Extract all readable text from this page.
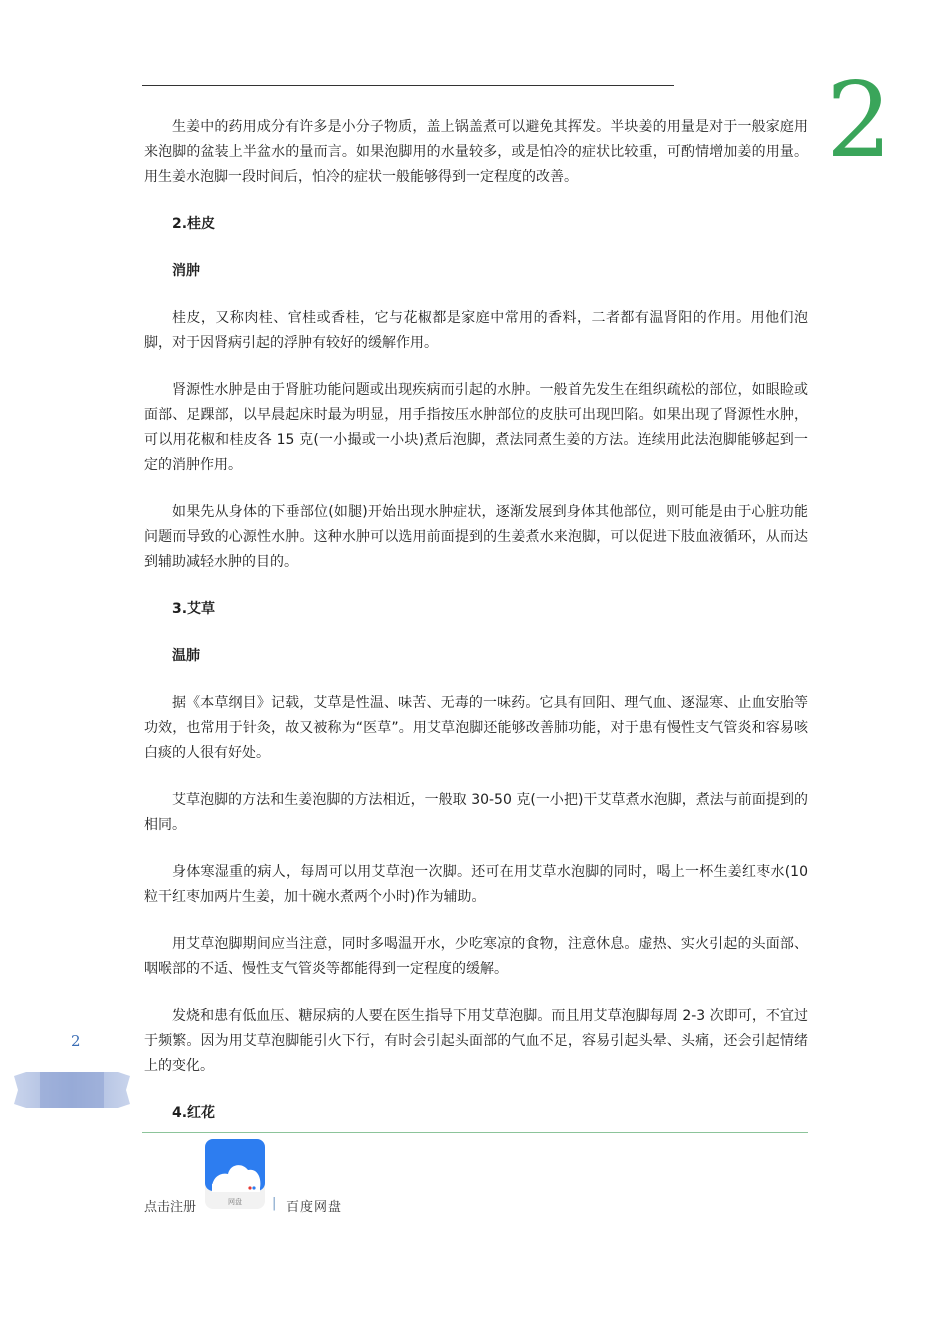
2

生姜中的药用成分有许多是小分子物质，盖上锅盖煮可以避免其挥发。半块姜的用量是对于一般家庭用来泡脚的盆装上半盆水的量而言。如果泡脚用的水量较多，或是怕冷的症状比较重，可酌情增加姜的用量。用生姜水泡脚一段时间后，怕冷的症状一般能够得到一定程度的改善。

2.桂皮
消肿

桂皮，又称肉桂、官桂或香桂，它与花椒都是家庭中常用的香料，二者都有温肾阳的作用。用他们泡脚，对于因肾病引起的浮肿有较好的缓解作用。

肾源性水肿是由于肾脏功能问题或出现疾病而引起的水肿。一般首先发生在组织疏松的部位，如眼睑或面部、足踝部，以早晨起床时最为明显，用手指按压水肿部位的皮肤可出现凹陷。如果出现了肾源性水肿，可以用花椒和桂皮各 15 克(一小撮或一小块)煮后泡脚，煮法同煮生姜的方法。连续用此法泡脚能够起到一定的消肿作用。

如果先从身体的下垂部位(如腿)开始出现水肿症状，逐渐发展到身体其他部位，则可能是由于心脏功能问题而导致的心源性水肿。这种水肿可以选用前面提到的生姜煮水来泡脚，可以促进下肢血液循环，从而达到辅助减轻水肿的目的。

3.艾草
温肺

据《本草纲目》记载，艾草是性温、味苦、无毒的一味药。它具有回阳、理气血、逐湿寒、止血安胎等功效，也常用于针灸，故又被称为“医草”。用艾草泡脚还能够改善肺功能，对于患有慢性支气管炎和容易咳白痰的人很有好处。

艾草泡脚的方法和生姜泡脚的方法相近，一般取 30-50 克(一小把)干艾草煮水泡脚，煮法与前面提到的相同。

身体寒湿重的病人，每周可以用艾草泡一次脚。还可在用艾草水泡脚的同时，喝上一杯生姜红枣水(10 粒干红枣加两片生姜，加十碗水煮两个小时)作为辅助。

用艾草泡脚期间应当注意，同时多喝温开水，少吃寒凉的食物，注意休息。虚热、实火引起的头面部、咽喉部的不适、慢性支气管炎等都能得到一定程度的缓解。

发烧和患有低血压、糖尿病的人要在医生指导下用艾草泡脚。而且用艾草泡脚每周 2-3 次即可，不宜过于频繁。因为用艾草泡脚能引火下行，有时会引起头面部的气血不足，容易引起头晕、头痛，还会引起情绪上的变化。

4.红花
2
点击注册	网盘 | 百度网盘
